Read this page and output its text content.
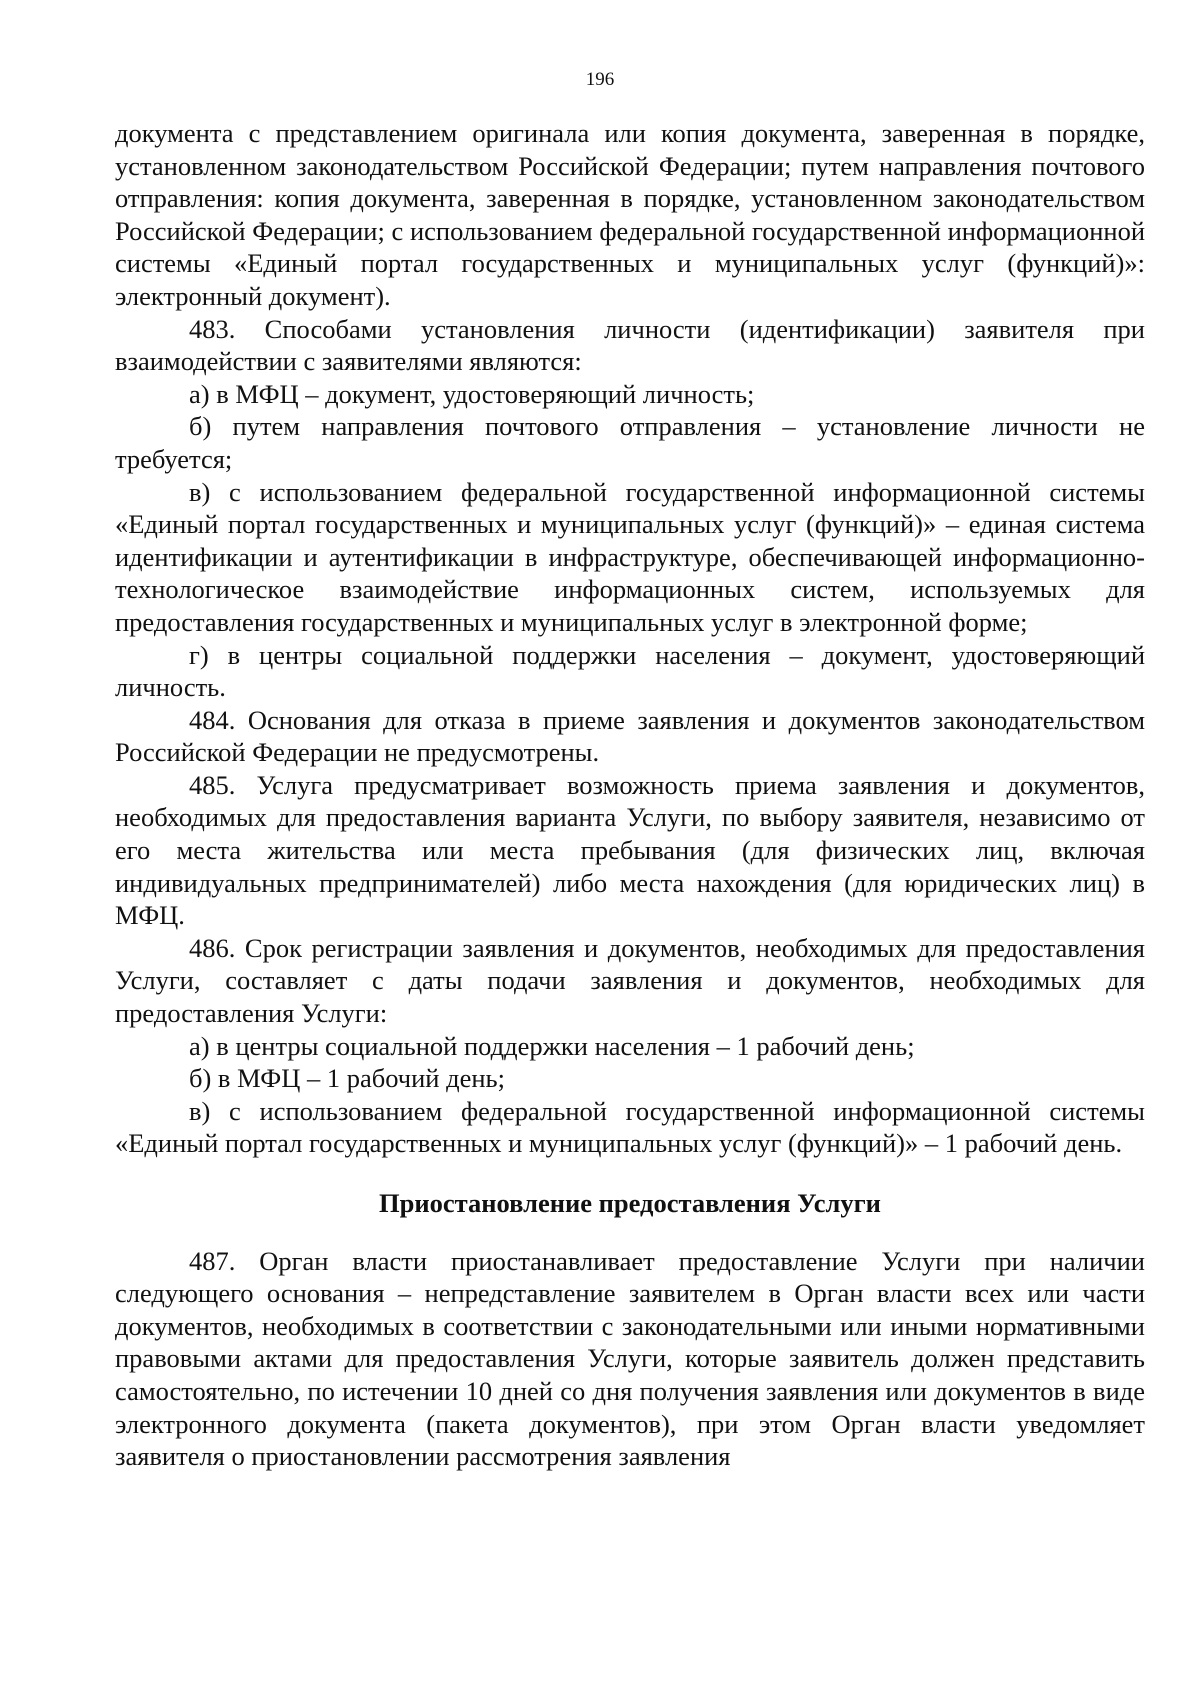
196

документа с представлением оригинала или копия документа, заверенная в порядке, установленном законодательством Российской Федерации; путем направления почтового отправления: копия документа, заверенная в порядке, установленном законодательством Российской Федерации; с использованием федеральной государственной информационной системы «Единый портал государственных и муниципальных услуг (функций)»: электронный документ).

483. Способами установления личности (идентификации) заявителя при взаимодействии с заявителями являются:

а) в МФЦ – документ, удостоверяющий личность;

б) путем направления почтового отправления – установление личности не требуется;

в) с использованием федеральной государственной информационной системы «Единый портал государственных и муниципальных услуг (функций)» – единая система идентификации и аутентификации в инфраструктуре, обеспечивающей информационно-технологическое взаимодействие информационных систем, используемых для предоставления государственных и муниципальных услуг в электронной форме;

г) в центры социальной поддержки населения – документ, удостоверяющий личность.

484. Основания для отказа в приеме заявления и документов законодательством Российской Федерации не предусмотрены.

485. Услуга предусматривает возможность приема заявления и документов, необходимых для предоставления варианта Услуги, по выбору заявителя, независимо от его места жительства или места пребывания (для физических лиц, включая индивидуальных предпринимателей) либо места нахождения (для юридических лиц) в МФЦ.

486. Срок регистрации заявления и документов, необходимых для предоставления Услуги, составляет с даты подачи заявления и документов, необходимых для предоставления Услуги:

а) в центры социальной поддержки населения – 1 рабочий день;

б) в МФЦ – 1 рабочий день;

в) с использованием федеральной государственной информационной системы «Единый портал государственных и муниципальных услуг (функций)» – 1 рабочий день.

Приостановление предоставления Услуги

487. Орган власти приостанавливает предоставление Услуги при наличии следующего основания – непредставление заявителем в Орган власти всех или части документов, необходимых в соответствии с законодательными или иными нормативными правовыми актами для предоставления Услуги, которые заявитель должен представить самостоятельно, по истечении 10 дней со дня получения заявления или документов в виде электронного документа (пакета документов), при этом Орган власти уведомляет заявителя о приостановлении рассмотрения заявления
